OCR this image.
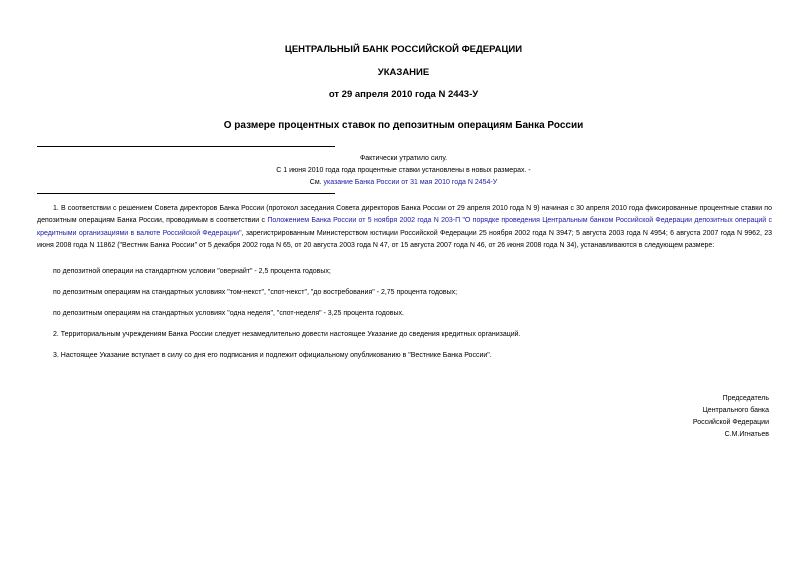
ЦЕНТРАЛЬНЫЙ БАНК РОССИЙСКОЙ ФЕДЕРАЦИИ
УКАЗАНИЕ
от 29 апреля 2010 года N 2443-У
О размере процентных ставок по депозитным операциям Банка России
Фактически утратило силу.
С 1 июня 2010 года года процентные ставки установлены в новых размерах. -
См. указание Банка России от 31 мая 2010 года N 2454-У
1. В соответствии с решением Совета директоров Банка России (протокол заседания Совета директоров Банка России от 29 апреля 2010 года N 9) начиная с 30 апреля 2010 года фиксированные процентные ставки по депозитным операциям Банка России, проводимым в соответствии с Положением Банка России от 5 ноября 2002 года N 203-П "О порядке проведения Центральным банком Российской Федерации депозитных операций с кредитными организациями в валюте Российской Федерации", зарегистрированным Министерством юстиции Российской Федерации 25 ноября 2002 года N 3947; 5 августа 2003 года N 4954; 6 августа 2007 года N 9962, 23 июня 2008 года N 11862 ("Вестник Банка России" от 5 декабря 2002 года N 65, от 20 августа 2003 года N 47, от 15 августа 2007 года N 46, от 26 июня 2008 года N 34), устанавливаются в следующем размере:
по депозитной операции на стандартном условии "овернайт" - 2,5 процента годовых;
по депозитным операциям на стандартных условиях "том-некст", "спот-некст", "до востребования" - 2,75 процента годовых;
по депозитным операциям на стандартных условиях "одна неделя", "спот-неделя" - 3,25 процента годовых.
2. Территориальным учреждениям Банка России следует незамедлительно довести настоящее Указание до сведения кредитных организаций.
3. Настоящее Указание вступает в силу со дня его подписания и подлежит официальному опубликованию в "Вестнике Банка России".
Председатель
Центрального банка
Российской Федерации
С.М.Игнатьев
